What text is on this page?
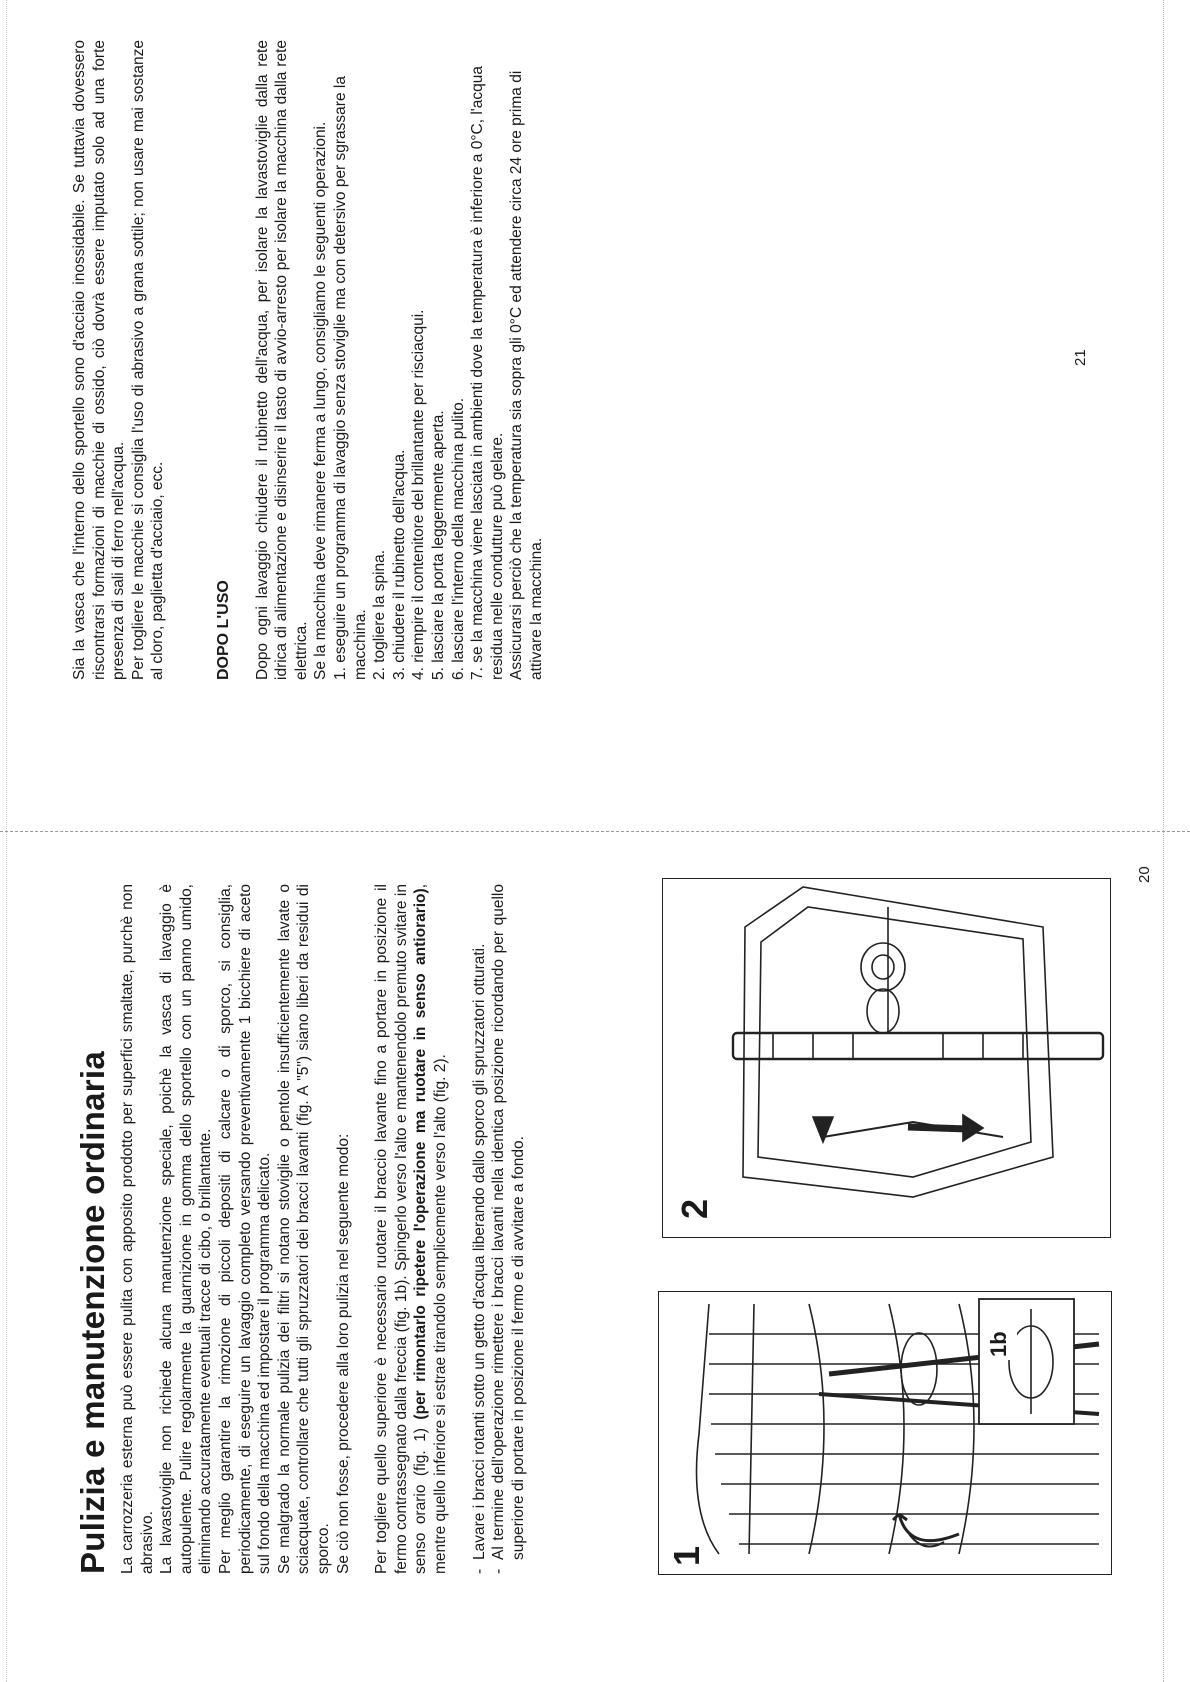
Pulizia e manutenzione ordinaria La carrozzeria esterna può essere pulita con apposito prodotto per superfici smaltate, purchè non abrasivo. La lavastoviglie non richiede alcuna manutenzione speciale, poichè la vasca di lavaggio è autopulente. Pulire regolarmente la guarnizione in gomma dello sportello con un panno umido, eliminando accuratamente eventuali tracce di cibo, o brillantante. Per meglio garantire la rimozione di piccoli depositi di calcare o di sporco, si consiglia, periodicamente, di eseguire un lavaggio completo versando preventivamente 1 bicchiere di aceto sul fondo della macchina ed impostare il programma delicato. Se malgrado la normale pulizia dei filtri si notano stoviglie o pentole insufficientemente lavate o sciacquate, controllare che tutti gli spruzzatori dei bracci lavanti (fig. A "5") siano liberi da residui di sporco. Se ciò non fosse, procedere alla loro pulizia nel seguente modo: Per togliere quello superiore è necessario ruotare il braccio lavante fino a portare in posizione il fermo contrassegnato dalla freccia (fig. 1b). Spingerlo verso l'alto e mantenendolo premuto svitare in senso orario (fig. 1) (per rimontarlo ripetere l'operazione ma ruotare in senso antiorario), mentre quello inferiore si estrae tirandolo semplicemente verso l'alto (fig. 2). - Lavare i bracci rotanti sotto un getto d'acqua liberando dallo sporco gli spruzzatori otturati. - Al termine dell'operazione rimettere i bracci lavanti nella identica posizione ricordando per quello superiore di portare in posizione il fermo e di avvitare a fondo.	1
1b
2
20

Sia la vasca che l'interno dello sportello sono d'acciaio inossidabile. Se tuttavia dovessero riscontrarsi formazioni di macchie di ossido, ciò dovrà essere imputato solo ad una forte presenza di sali di ferro nell'acqua. Per togliere le macchie si consiglia l'uso di abrasivo a grana sottile; non usare mai sostanze al cloro, paglietta d'acciaio, ecc.	DOPO L'USO Dopo ogni lavaggio chiudere il rubinetto dell'acqua, per isolare la lavastoviglie dalla rete idrica di alimentazione e disinserire il tasto di avvio-arresto per isolare la macchina dalla rete elettrica. Se la macchina deve rimanere ferma a lungo, consigliamo le seguenti operazioni. 1. eseguire un programma di lavaggio senza stoviglie ma con detersivo per sgrassare la macchina. 2. togliere la spina. 3. chiudere il rubinetto dell'acqua. 4. riempire il contenitore del brillantante per risciacqui. 5. lasciare la porta leggermente aperta. 6. lasciare l'interno della macchina pulito. 7. se la macchina viene lasciata in ambienti dove la temperatura è inferiore a 0°C, l'acqua residua nelle condutture può gelare. Assicurarsi perciò che la temperatura sia sopra gli 0°C ed attendere circa 24 ore prima di attivare la macchina.
21
